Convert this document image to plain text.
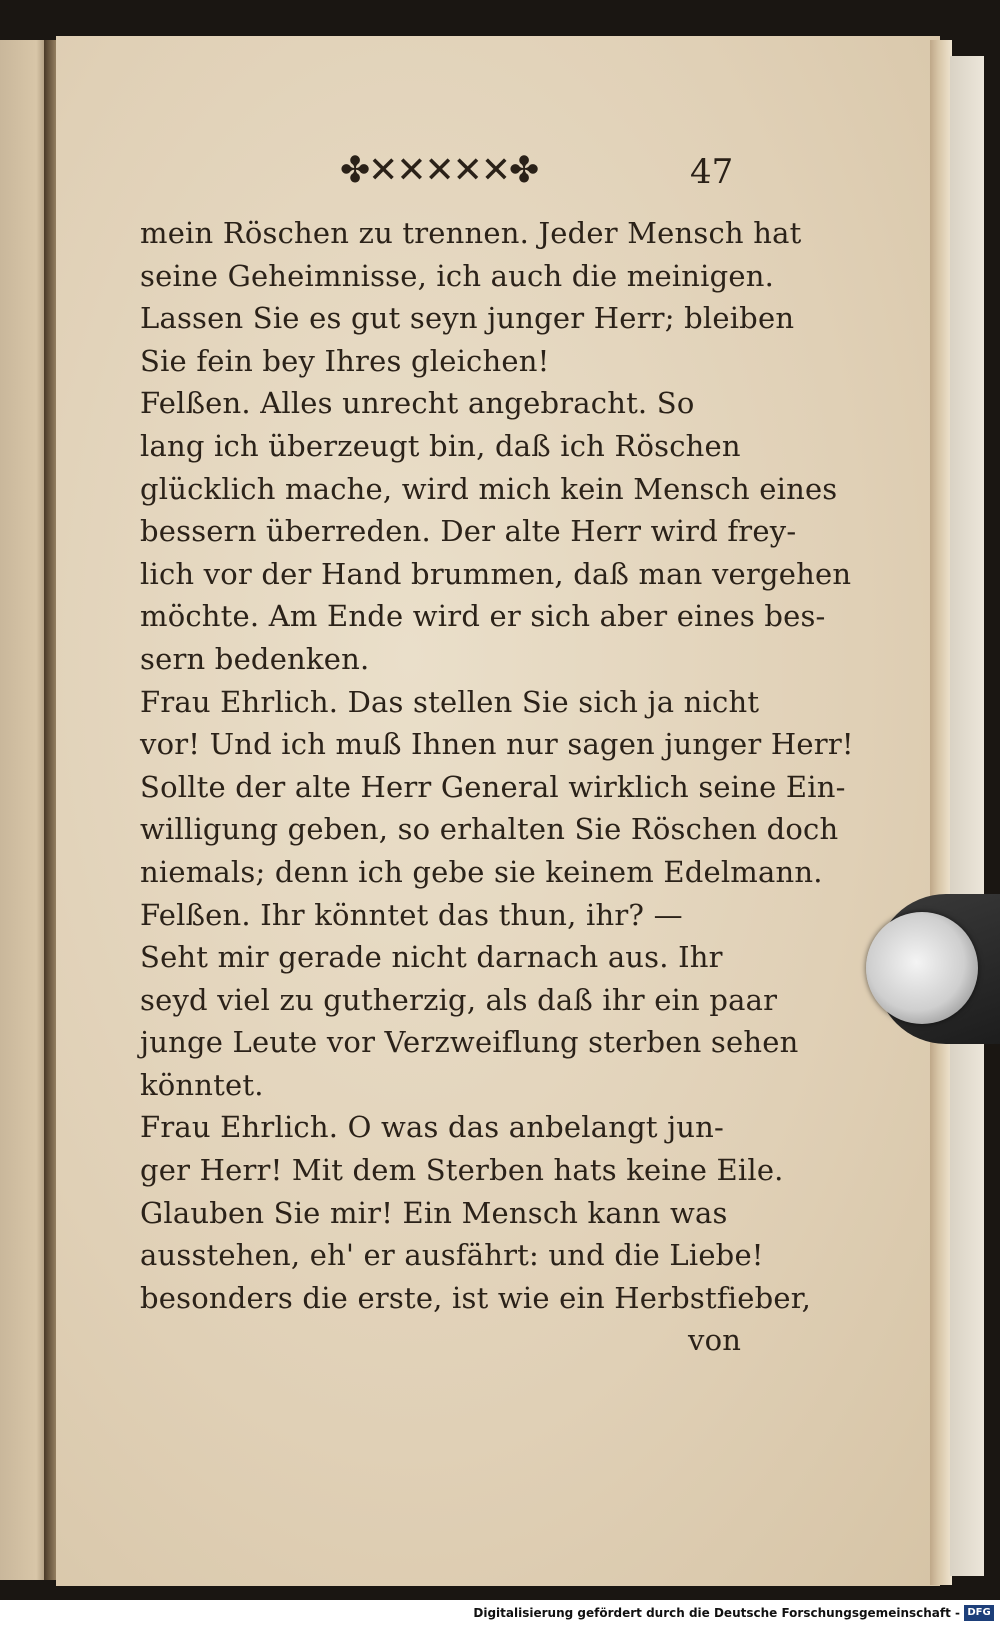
✤✕✕✕✕✕✤	47
mein Röschen zu trennen. Jeder Mensch hat
seine Geheimnisse, ich auch die meinigen.
Lassen Sie es gut seyn junger Herr; bleiben
Sie fein bey Ihres gleichen!
Felßen. Alles unrecht angebracht. So
lang ich überzeugt bin, daß ich Röschen
glücklich mache, wird mich kein Mensch eines
bessern überreden. Der alte Herr wird frey-
lich vor der Hand brummen, daß man vergehen
möchte. Am Ende wird er sich aber eines bes-
sern bedenken.
Frau Ehrlich. Das stellen Sie sich ja nicht
vor! Und ich muß Ihnen nur sagen junger Herr!
Sollte der alte Herr General wirklich seine Ein-
willigung geben, so erhalten Sie Röschen doch
niemals; denn ich gebe sie keinem Edelmann.
Felßen. Ihr könntet das thun, ihr? —
Seht mir gerade nicht darnach aus. Ihr
seyd viel zu gutherzig, als daß ihr ein paar
junge Leute vor Verzweiflung sterben sehen
könntet.
Frau Ehrlich. O was das anbelangt jun-
ger Herr! Mit dem Sterben hats keine Eile.
Glauben Sie mir! Ein Mensch kann was
ausstehen, eh' er ausfährt: und die Liebe!
besonders die erste, ist wie ein Herbstfieber,
von
Digitalisierung gefördert durch die Deutsche Forschungsgemeinschaft - DFG
